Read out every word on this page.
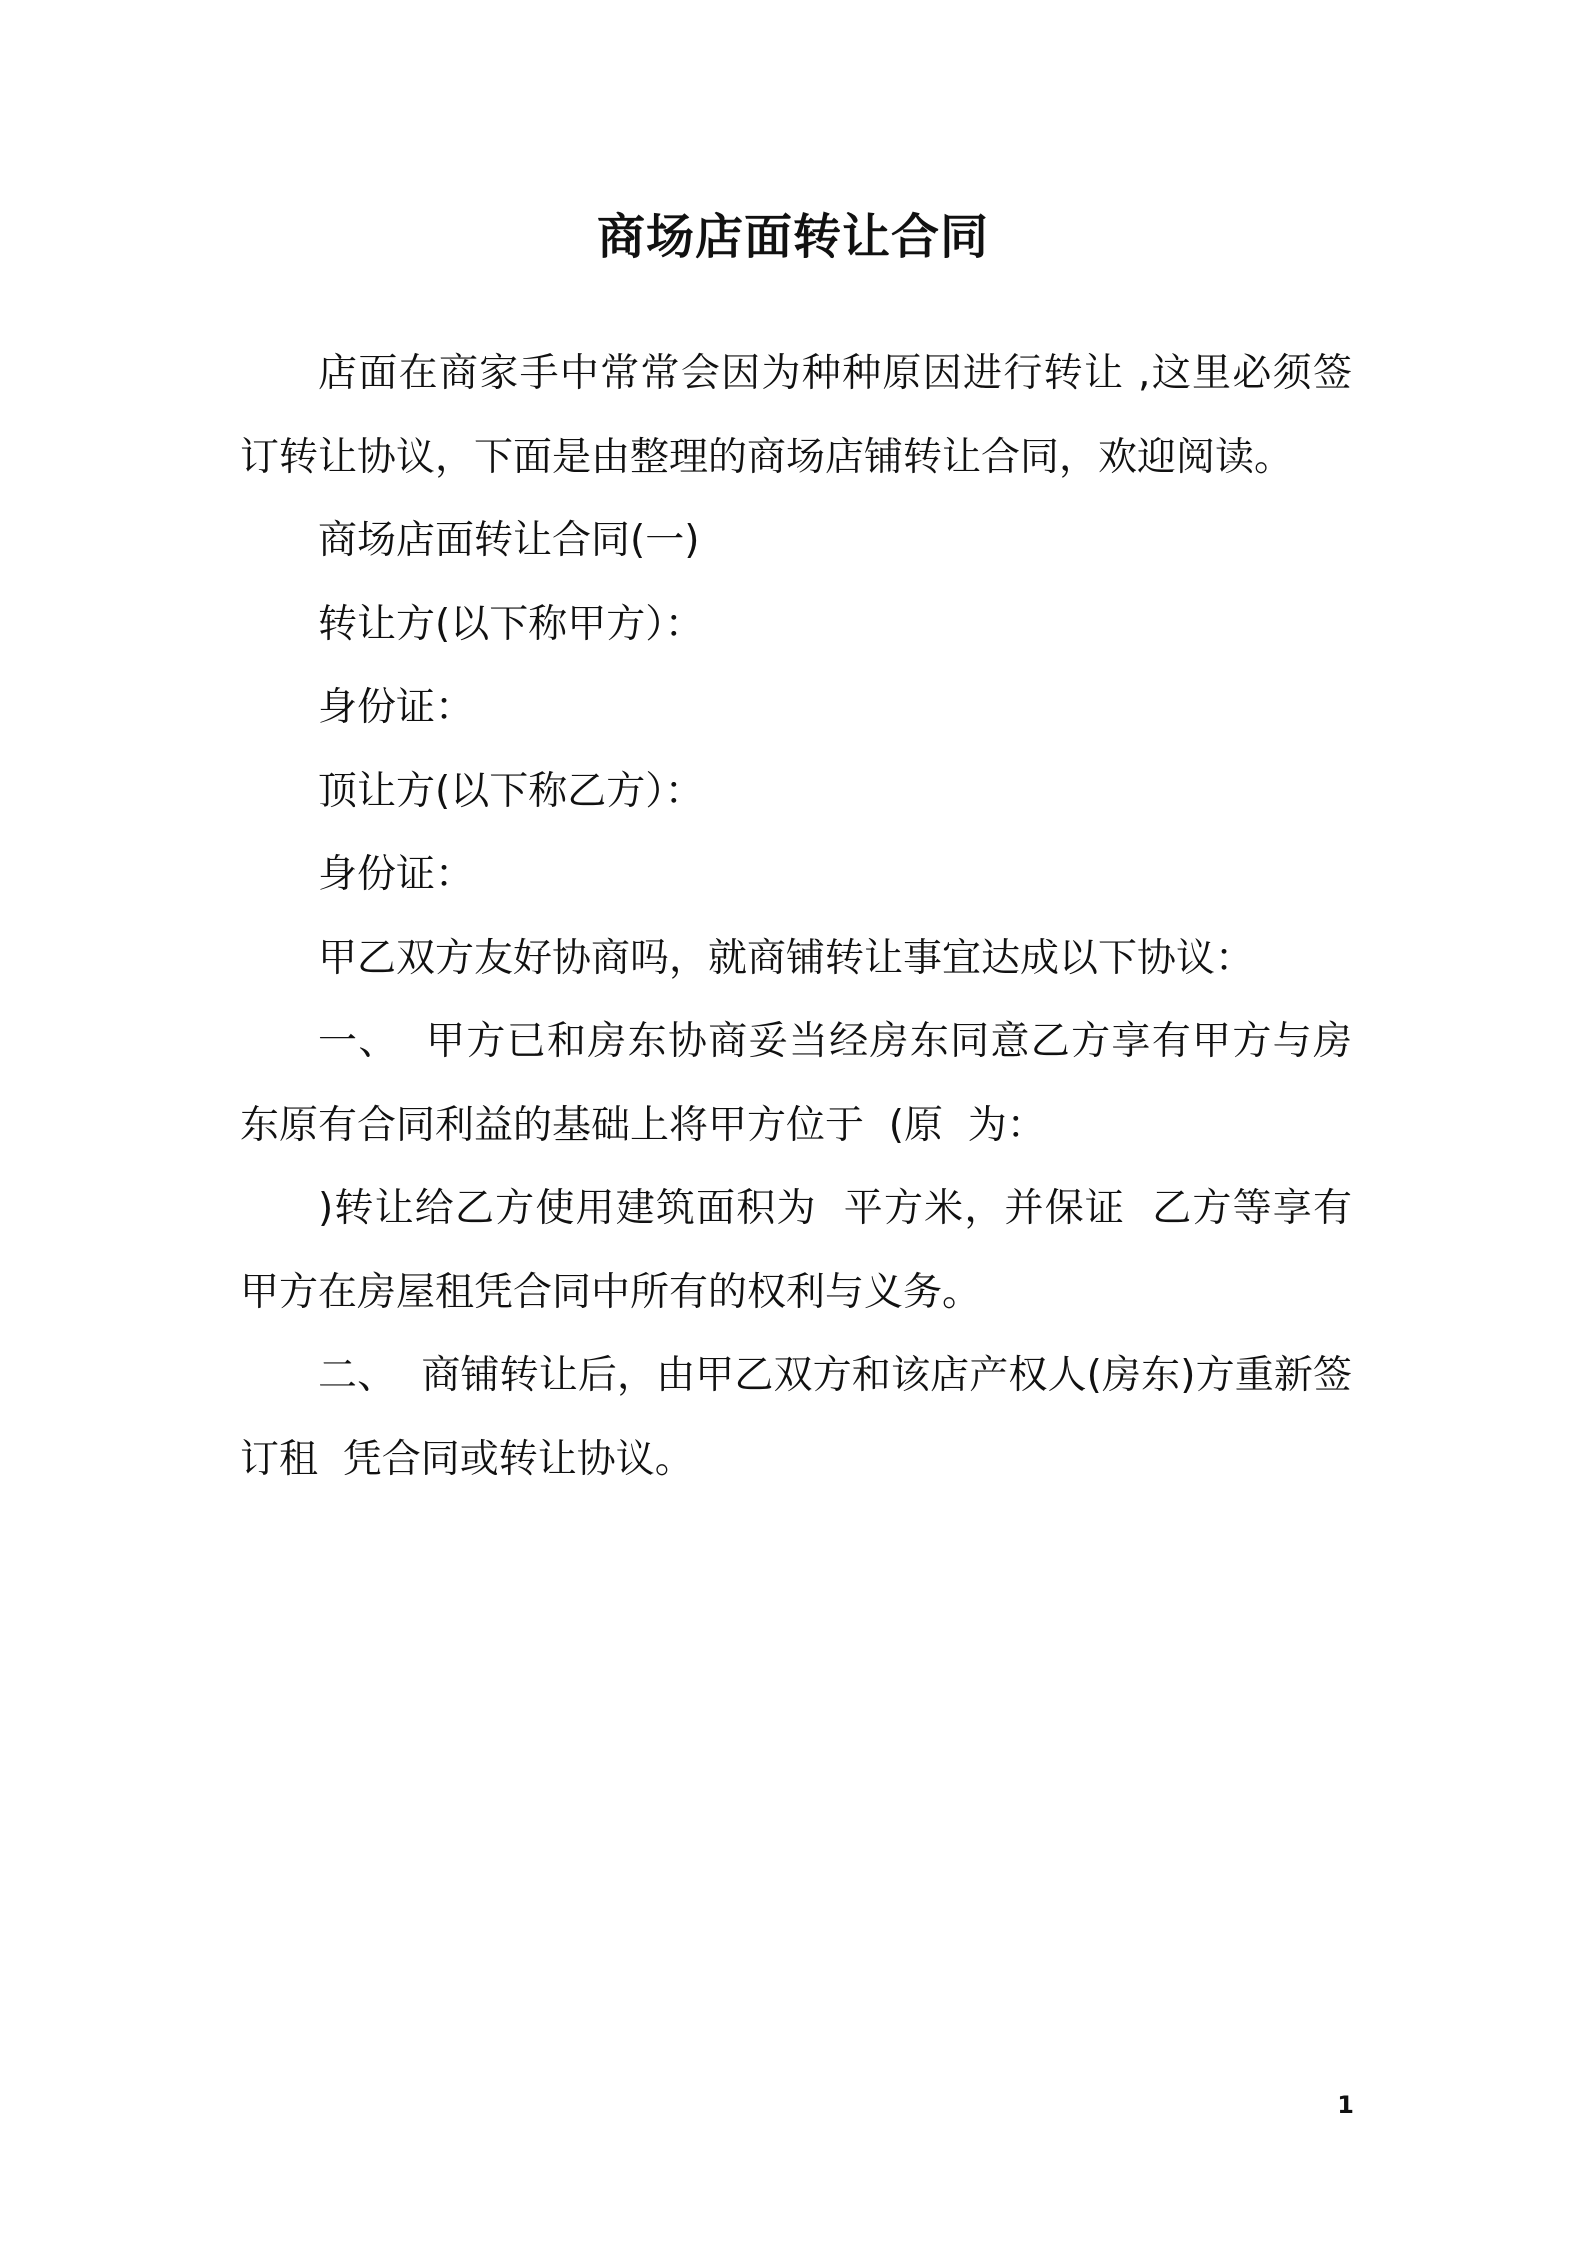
商场店面转让合同

店面在商家手中常常会因为种种原因进行转让 ,这里必须签订转让协议，下面是由整理的商场店铺转让合同，欢迎阅读。

商场店面转让合同(一)

转让方(以下称甲方）：

身份证：

顶让方(以下称乙方）：

身份证：

甲乙双方友好协商吗，就商铺转让事宜达成以下协议：

一、  甲方已和房东协商妥当经房东同意乙方享有甲方与房东原有合同利益的基础上将甲方位于  (原  为：

)转让给乙方使用建筑面积为  平方米，并保证  乙方等享有甲方在房屋租凭合同中所有的权利与义务。

二、  商铺转让后，由甲乙双方和该店产权人(房东)方重新签订租  凭合同或转让协议。

1
